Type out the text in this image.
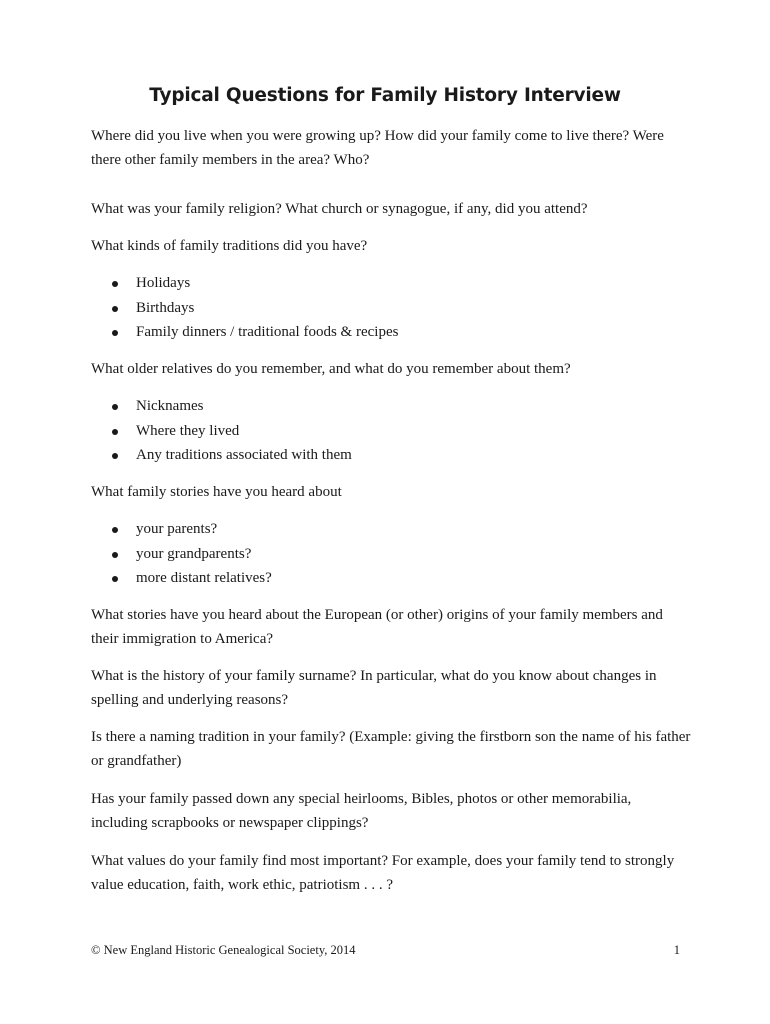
Typical Questions for Family History Interview

Where did you live when you were growing up? How did your family come to live there? Were there other family members in the area? Who?

What was your family religion? What church or synagogue, if any, did you attend?

What kinds of family traditions did you have?

Holidays
Birthdays
Family dinners / traditional foods & recipes

What older relatives do you remember, and what do you remember about them?

Nicknames
Where they lived
Any traditions associated with them

What family stories have you heard about

your parents?
your grandparents?
more distant relatives?

What stories have you heard about the European (or other) origins of your family members and their immigration to America?

What is the history of your family surname? In particular, what do you know about changes in spelling and underlying reasons?

Is there a naming tradition in your family? (Example: giving the firstborn son the name of his father or grandfather)

Has your family passed down any special heirlooms, Bibles, photos or other memorabilia, including scrapbooks or newspaper clippings?

What values do your family find most important? For example, does your family tend to strongly value education, faith, work ethic, patriotism . . . ?

© New England Historic Genealogical Society, 2014	1
